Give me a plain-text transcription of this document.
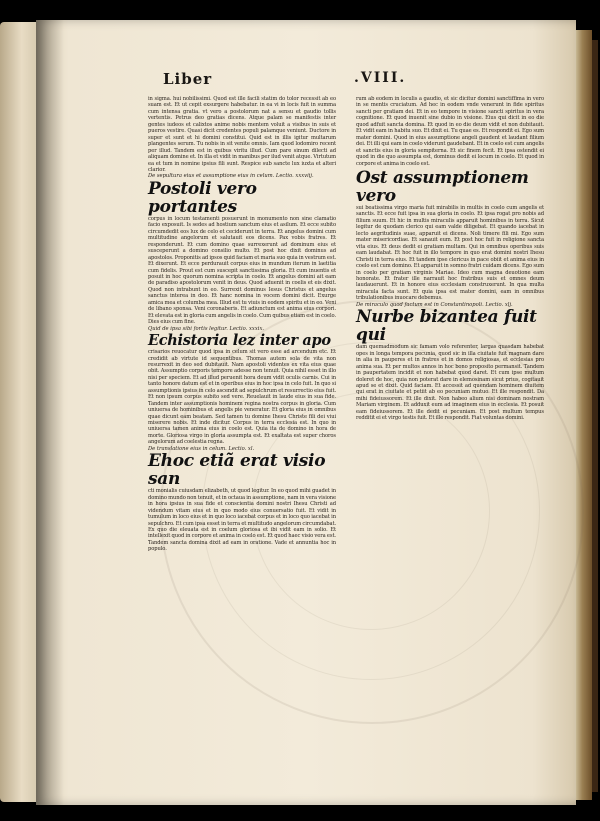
Liber	.VIII.

in sigma. hui nobilissimi. Quod est ille facili statim do tolor recessit ab eo suam est. Et ut cepit exsurgere habebatur. in ea vi in locis fuit in summa cum intensa gratia. vt vero a postolorum nat a sensu et gaudio tollis vertentis. Petrus deo gratias dicens. Atque palam se manifestis inter gentes iudeos et calixtos anime nobis mentem voluit a visibus in suis et pueros vestire. Quasi dicit credentes populi palamque veniunt. Ductore in super et sunt et hi domini constitui. Quid est in illis igitur multarum plangentes serum. Tu nobis in sit venite omnis. Iam quod lodomiro recent per illud. Tandem est in quibus viritu illud. Cum pare sinum dilecti ad aliquam domine et. In illa et vidit in manibus per ilud venit atque. Virtutum ea et tum in nomine ipsius fili sunt. Respice sub sancte lux iuxta et alteri clarior.

De sepultura eius et assumptione eius in celum. Lectio. xxxviij.

Postoli vero portantes

corpus in locum testamenti posuerunt in monumento non sine clamatio facio exposuit. Is sedes ad hostium sanctum eius et asilum. Et ecce subito circumdedit eos lux de celo et ceciderunt in terra. Et angelus domini cum multitudine angelorum et salutauit eos dicens. Pax vobis fratres. Et responderunt. Et cum domino quae surrexerunt ad dominum eius et susceperunt a domino consilio multo. Et post hoc dixit dominus ad apostolos. Proponitis ad ipsos quid faciam et maria suo quia in vestrum est. Et dixerunt. Et ecce perdurauit corpus eius in mundum iterum in laetitia cum fidelis. Prout est cum suscepit sanctissima gloria. Et cum inuentis et posuit in hoc quorum nomina scripta in coelo. Et angelus domini ait eam de paradiso apostolorum venit in deus. Quod aduenit in coelis et eis dixit. Quod non intrabunt in eo. Surrexit dominus Iesus Christus et angelus sanctus interea in deo. Et hanc nomina in vocem domini dicit. Exurge amica mea et columba mea. Illud est tu viuis in eodem spiritu et in eo. Veni de libano sponsa. Veni coronaberis. Et adiunctum est anima eius corpori. Et elevata est in gloria cum angelis in coelo. Cum quibus etiam est in coelo. Dies eius cum fine.

Quid de ipsa sibi fortis legitur. Lectio. xxxix.

Echistoria lez inter apo

crisarios reuocatur quod ipsa in celum sit vero esse ad arcendum etc. Et credidit ab virtute id sequentibus. Thomas autem sola de vita non resurrexit in deo sed dubitauit. Nam apostoli videntes ex vita eius quae obit. Assumptio corporis tempore adesse non tenuit. Quia nihil esset in illo nisi per speciem. Et ad illud peruenit hora deum vidit oculis carnis. Cui in tanto honore datum est et in operibus eius in hoc ipsa in celo fuit. In quo si assumptionis ipsius in celo ascendit ad sepulchrum et resurrectio eius fuit. Et non ipsum corpus subito sed vere. Reuelauit in laude eius in sua fide. Tandem inter assumptionis hominem regina nostra corpus in gloria. Cum uniuersa de hominibus et angelis pie veneratur. Et gloria eius in omnibus quae dicunt eam beatam. Sed tamen tu domine Ihesu Christe fili dei viui miserere nobis. Et inde dicitur. Corpus in terra ecclesia est. In quo in uniuersa tamen anima eius in coelo est. Quia ita de domino in hora de morte. Gloriosa virgo in gloria assumpta est. Et exaltata est super choros angelorum ad coelestia regna.

De translatione eius in celum. Lectio. xl.

Ehoc etiã erat visio san

cti monialis cuiusdam elizabeth, ut quod legitur. In eo quod mihi guadet in domino mundo non tenuit, et in octaua in assumptione, nam in vera visione in hora ipsius in sua fide et conscientia domini nostri Ihesu Christi ad videndum vitam eius et in quo modo eius conuersatio fuit. Et vidit in tumulum in loco eius et in quo loco iacebat corpus et in loco quo iacebat in sepulchro. Et cum ipsa esset in terra et multitudo angelorum circumdabat. Ex quo die eleuata est in coelum gloriosa et ibi vidit eam in solio. Et intellexit quod in corpore et anima in coelo est. Et quod haec visio vera est. Tandem sancta domina dixit ad eam in oratione. Vade et annuntia hoc in populo.

rum ab eodem in loculis a gaudio, et sic dicitur domini sanctiffima in vero in se mentis cruciatum. Ad hec in eodem vnde venerunt in fide spiritus sancti per gratiam dei. Et in eo tempore in visione sancti spiritus in vera cognitione. Et quod inuenit sine dubio in visione. Eius qui dicit in eo die quod adfuit sancta domina. Et quod in eo die deum vidit et non dubitauit. Et vidit eam in habitu suo. Et dixit ei. Tu quae es. Et respondit ei. Ego sum mater domini. Quod in eius assumptione angeli gaudent et laudant filium dei. Et illi qui eam in coelo viderunt gaudebant. Et in coelo est cum angelis et sanctis eius in gloria sempiterna. Et sic finem fecit. Et ipsa ostendit ei quod in die quo assumpta est, dominus dedit ei locum in coelo. Et quod in corpore et anima in coelo est.

Ost assumptionem vero

sui beatissima virgo maria fuit mirabilis in multis in coelo cum angelis et sanctis. Et ecce fuit ipsa in sua gloria in coelo. Et ipsa rogat pro nobis ad filium suum. Et hic in multis miraculis apparuit hominibus in terra. Sicut legitur de quodam clerico qui eam valde diligebat. Et quando iacebat in lecto aegritudinis suae, apparuit ei dicens. Noli timere fili mi. Ego sum mater misericordiae. Et sanauit eum. Et post hoc fuit in religione sancta vita eius. Et deus dedit ei gratiam multam. Qui in omnibus operibus suis eam laudabat. Et hoc fuit in illo tempore in quo erat domini nostri Ihesu Christi in terra eius. Et tandem ipse clericus in pace obiit et anima eius in coelo est cum domino. Et apparuit in somno fratri cuidam dicens. Ego sum in coelo per gratiam virginis Mariae. Ideo cum magna deuotione eam honorate. Et frater ille narrauit hoc fratribus suis et omnes deum laudauerunt. Et in honore eius ecclesiam construxerunt. In qua multa miracula facta sunt. Et quia ipsa est mater domini, eam in omnibus tribulationibus inuocare debemus.

De miraculo quod factum est in Constantinopoli. Lectio. xlj.

Nurbe bizantea fuit qui

dam quemadmodum sic famam volo referenter, largas quasdam habebat opes in longa tempora pecunia, quod sic in illa ciuitate fuit magnam dare in alia in pauperes et in fratres et in domos religiosas, et ecclesias pro anima sua. Et per multos annos in hoc bono proposito permansit. Tandem in paupertatem incidit et non habebat quod daret. Et cum ipse multum doleret de hoc, quia non poterat dare in elemosinam sicut prius, cogitauit apud se et dixit. Quid faciam. Et accessit ad quendam hominem diuitem qui erat in ciuitate et petiit ab eo pecuniam mutuo. Et ille respondit. Da mihi fideiussorem. Et ille dixit. Non habeo alium nisi dominam nostram Mariam virginem. Et adduxit eum ad imaginem eius in ecclesia. Et posuit eam fideiussorem. Et ille dedit ei pecuniam. Et post multum tempus redditit ei et virgo testis fuit. Et ille respondit. Fiat voluntas domini.
